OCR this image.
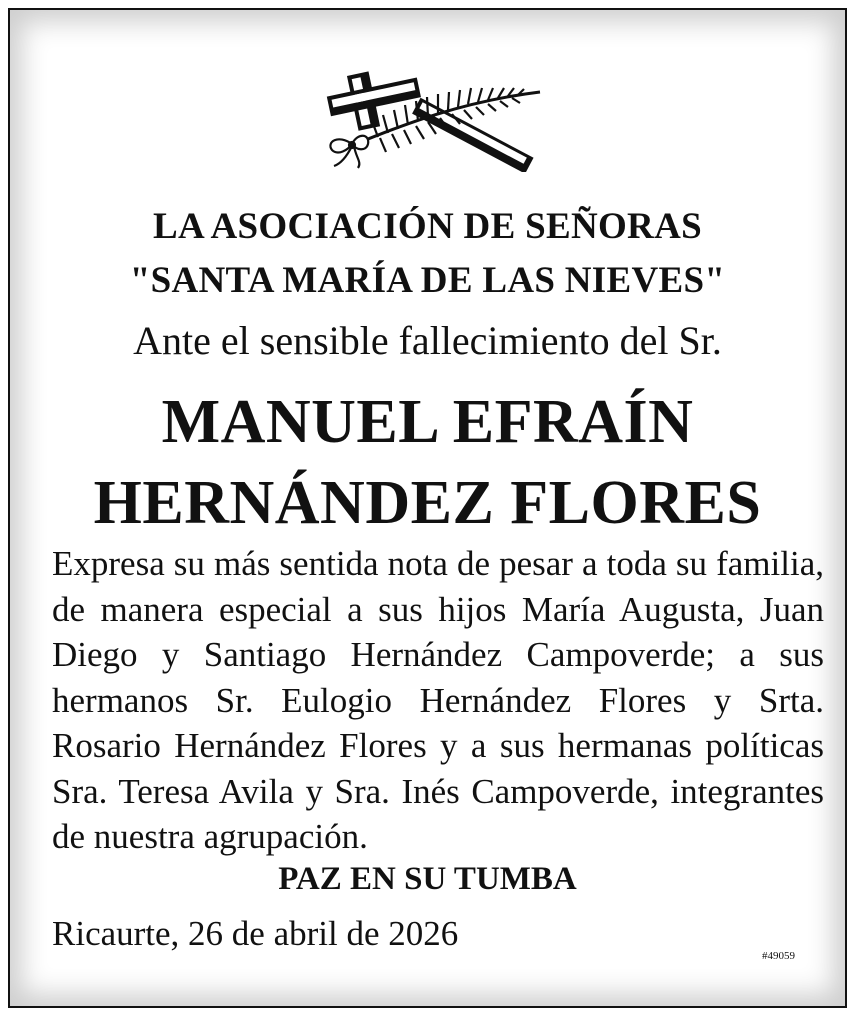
LA ASOCIACIÓN DE SEÑORAS
"SANTA MARÍA DE LAS NIEVES"
Ante el sensible fallecimiento del Sr.
MANUEL EFRAÍN
HERNÁNDEZ FLORES
Expresa su más sentida nota de pesar a toda su familia, de manera especial a sus hijos María Augusta, Juan Diego y Santiago Hernández Campoverde; a sus hermanos Sr. Eulogio Hernández Flores y Srta. Rosario Hernández Flores y a sus hermanas políticas Sra. Teresa Avila y Sra. Inés Campoverde, integrantes de nuestra agrupación.
PAZ EN SU TUMBA
Ricaurte, 26 de abril de 2026
#49059
